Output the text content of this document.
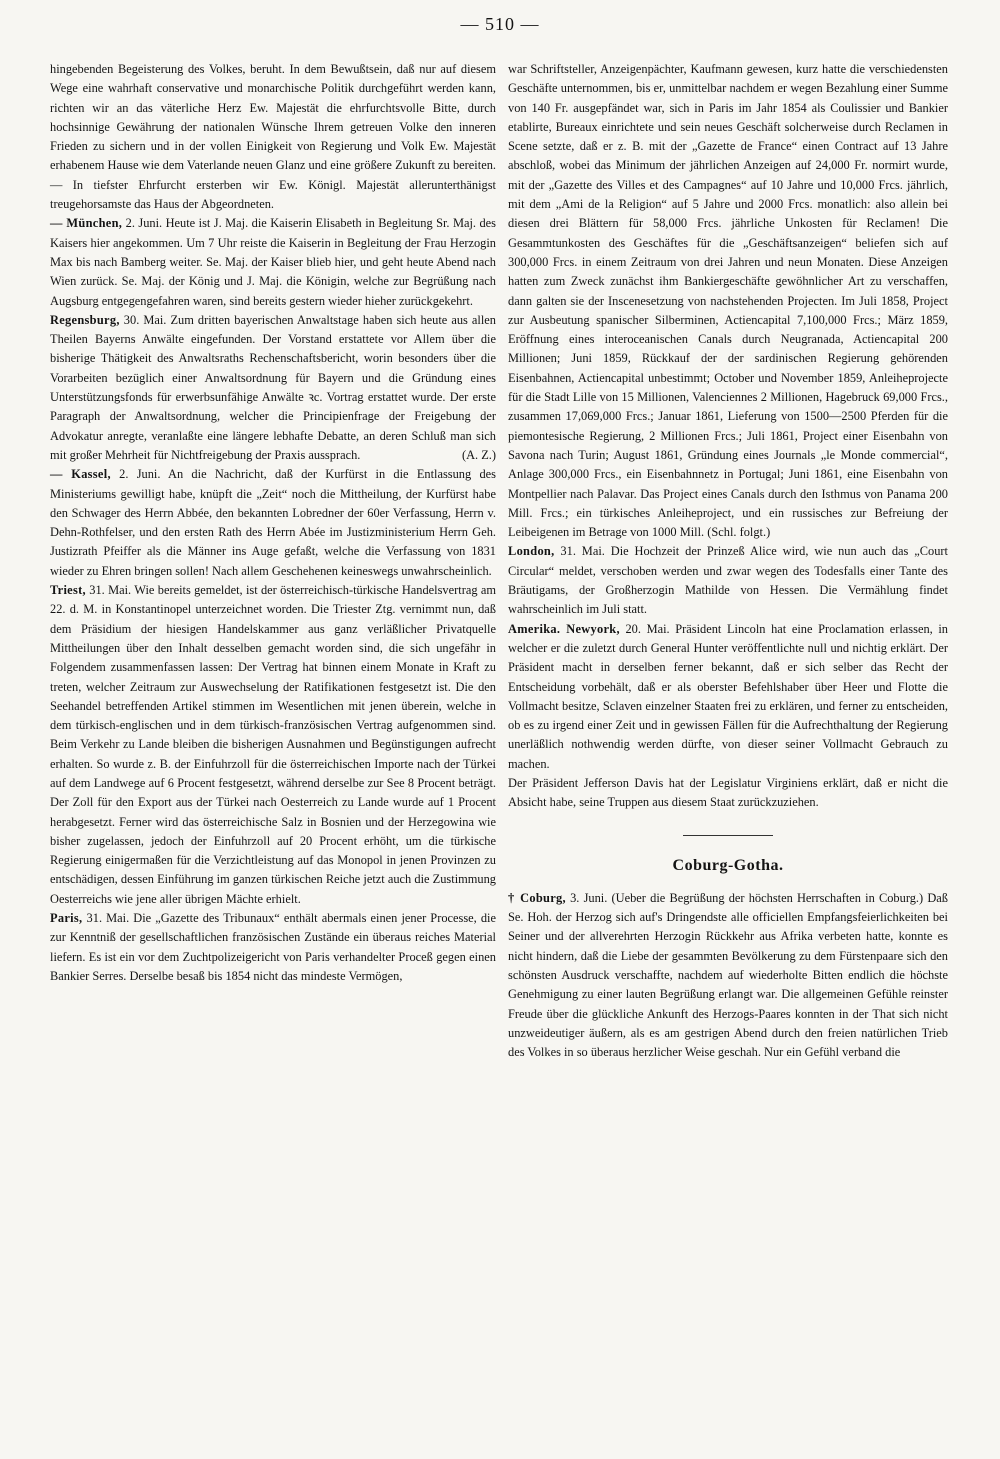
— 510 —

hingebenden Begeisterung des Volkes, beruht. In dem Bewußtsein, daß nur auf diesem Wege eine wahrhaft conservative und monarchische Politik durchgeführt werden kann, richten wir an das väterliche Herz Ew. Majestät die ehrfurchtsvolle Bitte, durch hochsinnige Gewährung der nationalen Wünsche Ihrem getreuen Volke den inneren Frieden zu sichern und in der vollen Einigkeit von Regierung und Volk Ew. Majestät erhabenem Hause wie dem Vaterlande neuen Glanz und eine größere Zukunft zu bereiten. — In tiefster Ehrfurcht ersterben wir Ew. Königl. Majestät allerunterthänigst treugehorsamste das Haus der Abgeordneten.

— München, 2. Juni. Heute ist J. Maj. die Kaiserin Elisabeth in Begleitung Sr. Maj. des Kaisers hier angekommen. Um 7 Uhr reiste die Kaiserin in Begleitung der Frau Herzogin Max bis nach Bamberg weiter. Se. Maj. der Kaiser blieb hier, und geht heute Abend nach Wien zurück. Se. Maj. der König und J. Maj. die Königin, welche zur Begrüßung nach Augsburg entgegengefahren waren, sind bereits gestern wieder hieher zurückgekehrt.

Regensburg, 30. Mai. Zum dritten bayerischen Anwaltstage haben sich heute aus allen Theilen Bayerns Anwälte eingefunden. Der Vorstand erstattete vor Allem über die bisherige Thätigkeit des Anwaltsraths Rechenschaftsbericht, worin besonders über die Vorarbeiten bezüglich einer Anwaltsordnung für Bayern und die Gründung eines Unterstützungsfonds für erwerbsunfähige Anwälte ꝛc. Vortrag erstattet wurde. Der erste Paragraph der Anwaltsordnung, welcher die Principienfrage der Freigebung der Advokatur anregte, veranlaßte eine längere lebhafte Debatte, an deren Schluß man sich mit großer Mehrheit für Nichtfreigebung der Praxis aussprach.	(A. Z.)

— Kassel, 2. Juni. An die Nachricht, daß der Kurfürst in die Entlassung des Ministeriums gewilligt habe, knüpft die „Zeit“ noch die Mittheilung, der Kurfürst habe den Schwager des Herrn Abbée, den bekannten Lobredner der 60er Verfassung, Herrn v. Dehn-Rothfelser, und den ersten Rath des Herrn Abée im Justizministerium Herrn Geh. Justizrath Pfeiffer als die Männer ins Auge gefaßt, welche die Verfassung von 1831 wieder zu Ehren bringen sollen! Nach allem Geschehenen keineswegs unwahrscheinlich.

Triest, 31. Mai. Wie bereits gemeldet, ist der österreichisch-türkische Handelsvertrag am 22. d. M. in Konstantinopel unterzeichnet worden. Die Triester Ztg. vernimmt nun, daß dem Präsidium der hiesigen Handelskammer aus ganz verläßlicher Privatquelle Mittheilungen über den Inhalt desselben gemacht worden sind, die sich ungefähr in Folgendem zusammenfassen lassen: Der Vertrag hat binnen einem Monate in Kraft zu treten, welcher Zeitraum zur Auswechselung der Ratifikationen festgesetzt ist. Die den Seehandel betreffenden Artikel stimmen im Wesentlichen mit jenen überein, welche in dem türkisch-englischen und in dem türkisch-französischen Vertrag aufgenommen sind. Beim Verkehr zu Lande bleiben die bisherigen Ausnahmen und Begünstigungen aufrecht erhalten. So wurde z. B. der Einfuhrzoll für die österreichischen Importe nach der Türkei auf dem Landwege auf 6 Procent festgesetzt, während derselbe zur See 8 Procent beträgt. Der Zoll für den Export aus der Türkei nach Oesterreich zu Lande wurde auf 1 Procent herabgesetzt. Ferner wird das österreichische Salz in Bosnien und der Herzegowina wie bisher zugelassen, jedoch der Einfuhrzoll auf 20 Procent erhöht, um die türkische Regierung einigermaßen für die Verzichtleistung auf das Monopol in jenen Provinzen zu entschädigen, dessen Einführung im ganzen türkischen Reiche jetzt auch die Zustimmung Oesterreichs wie jene aller übrigen Mächte erhielt.

Paris, 31. Mai. Die „Gazette des Tribunaux“ enthält abermals einen jener Processe, die zur Kenntniß der gesellschaftlichen französischen Zustände ein überaus reiches Material liefern. Es ist ein vor dem Zuchtpolizeigericht von Paris verhandelter Proceß gegen einen Bankier Serres. Derselbe besaß bis 1854 nicht das mindeste Vermögen,

war Schriftsteller, Anzeigenpächter, Kaufmann gewesen, kurz hatte die verschiedensten Geschäfte unternommen, bis er, unmittelbar nachdem er wegen Bezahlung einer Summe von 140 Fr. ausgepfändet war, sich in Paris im Jahr 1854 als Coulissier und Bankier etablirte, Bureaux einrichtete und sein neues Geschäft solcherweise durch Reclamen in Scene setzte, daß er z. B. mit der „Gazette de France“ einen Contract auf 13 Jahre abschloß, wobei das Minimum der jährlichen Anzeigen auf 24,000 Fr. normirt wurde, mit der „Gazette des Villes et des Campagnes“ auf 10 Jahre und 10,000 Frcs. jährlich, mit dem „Ami de la Religion“ auf 5 Jahre und 2000 Frcs. monatlich: also allein bei diesen drei Blättern für 58,000 Frcs. jährliche Unkosten für Reclamen! Die Gesammtunkosten des Geschäftes für die „Geschäftsanzeigen“ beliefen sich auf 300,000 Frcs. in einem Zeitraum von drei Jahren und neun Monaten. Diese Anzeigen hatten zum Zweck zunächst ihm Bankiergeschäfte gewöhnlicher Art zu verschaffen, dann galten sie der Inscenesetzung von nachstehenden Projecten. Im Juli 1858, Project zur Ausbeutung spanischer Silberminen, Actiencapital 7,100,000 Frcs.; März 1859, Eröffnung eines interoceanischen Canals durch Neugranada, Actiencapital 200 Millionen; Juni 1859, Rückkauf der der sardinischen Regierung gehörenden Eisenbahnen, Actiencapital unbestimmt; October und November 1859, Anleiheprojecte für die Stadt Lille von 15 Millionen, Valenciennes 2 Millionen, Hagebruck 69,000 Frcs., zusammen 17,069,000 Frcs.; Januar 1861, Lieferung von 1500—2500 Pferden für die piemontesische Regierung, 2 Millionen Frcs.; Juli 1861, Project einer Eisenbahn von Savona nach Turin; August 1861, Gründung eines Journals „le Monde commercial“, Anlage 300,000 Frcs., ein Eisenbahnnetz in Portugal; Juni 1861, eine Eisenbahn von Montpellier nach Palavar. Das Project eines Canals durch den Isthmus von Panama 200 Mill. Frcs.; ein türkisches Anleiheproject, und ein russisches zur Befreiung der Leibeigenen im Betrage von 1000 Mill. (Schl. folgt.)

London, 31. Mai. Die Hochzeit der Prinzeß Alice wird, wie nun auch das „Court Circular“ meldet, verschoben werden und zwar wegen des Todesfalls einer Tante des Bräutigams, der Großherzogin Mathilde von Hessen. Die Vermählung findet wahrscheinlich im Juli statt.

Amerika. Newyork, 20. Mai. Präsident Lincoln hat eine Proclamation erlassen, in welcher er die zuletzt durch General Hunter veröffentlichte null und nichtig erklärt. Der Präsident macht in derselben ferner bekannt, daß er sich selber das Recht der Entscheidung vorbehält, daß er als oberster Befehlshaber über Heer und Flotte die Vollmacht besitze, Sclaven einzelner Staaten frei zu erklären, und ferner zu entscheiden, ob es zu irgend einer Zeit und in gewissen Fällen für die Aufrechthaltung der Regierung unerläßlich nothwendig werden dürfte, von dieser seiner Vollmacht Gebrauch zu machen.

Der Präsident Jefferson Davis hat der Legislatur Virginiens erklärt, daß er nicht die Absicht habe, seine Truppen aus diesem Staat zurückzuziehen.

Coburg-Gotha.

† Coburg, 3. Juni. (Ueber die Begrüßung der höchsten Herrschaften in Coburg.) Daß Se. Hoh. der Herzog sich auf's Dringendste alle officiellen Empfangsfeierlichkeiten bei Seiner und der allverehrten Herzogin Rückkehr aus Afrika verbeten hatte, konnte es nicht hindern, daß die Liebe der gesammten Bevölkerung zu dem Fürstenpaare sich den schönsten Ausdruck verschaffte, nachdem auf wiederholte Bitten endlich die höchste Genehmigung zu einer lauten Begrüßung erlangt war. Die allgemeinen Gefühle reinster Freude über die glückliche Ankunft des Herzogs-Paares konnten in der That sich nicht unzweideutiger äußern, als es am gestrigen Abend durch den freien natürlichen Trieb des Volkes in so überaus herzlicher Weise geschah. Nur ein Gefühl verband die
